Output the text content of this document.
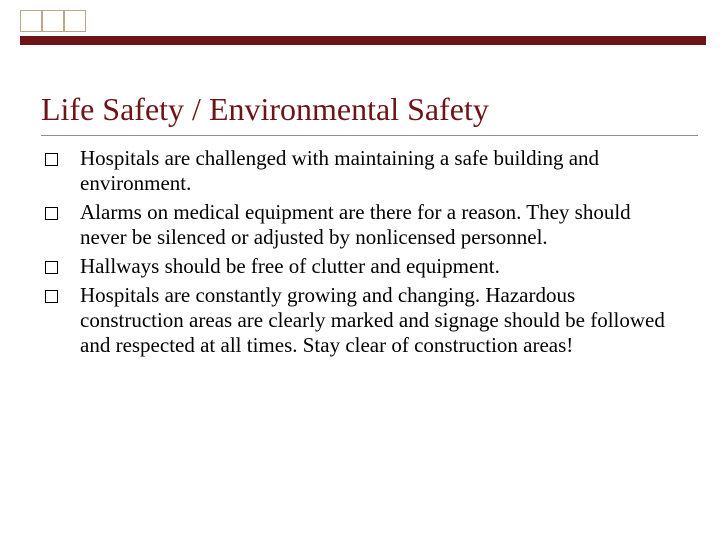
Life Safety / Environmental Safety
Hospitals are challenged with maintaining a safe building and environment.
Alarms on medical equipment are there for a reason. They should never be silenced or adjusted by nonlicensed personnel.
Hallways should be free of clutter and equipment.
Hospitals are constantly growing and changing. Hazardous construction areas are clearly marked and signage should be followed and respected at all times. Stay clear of construction areas!
